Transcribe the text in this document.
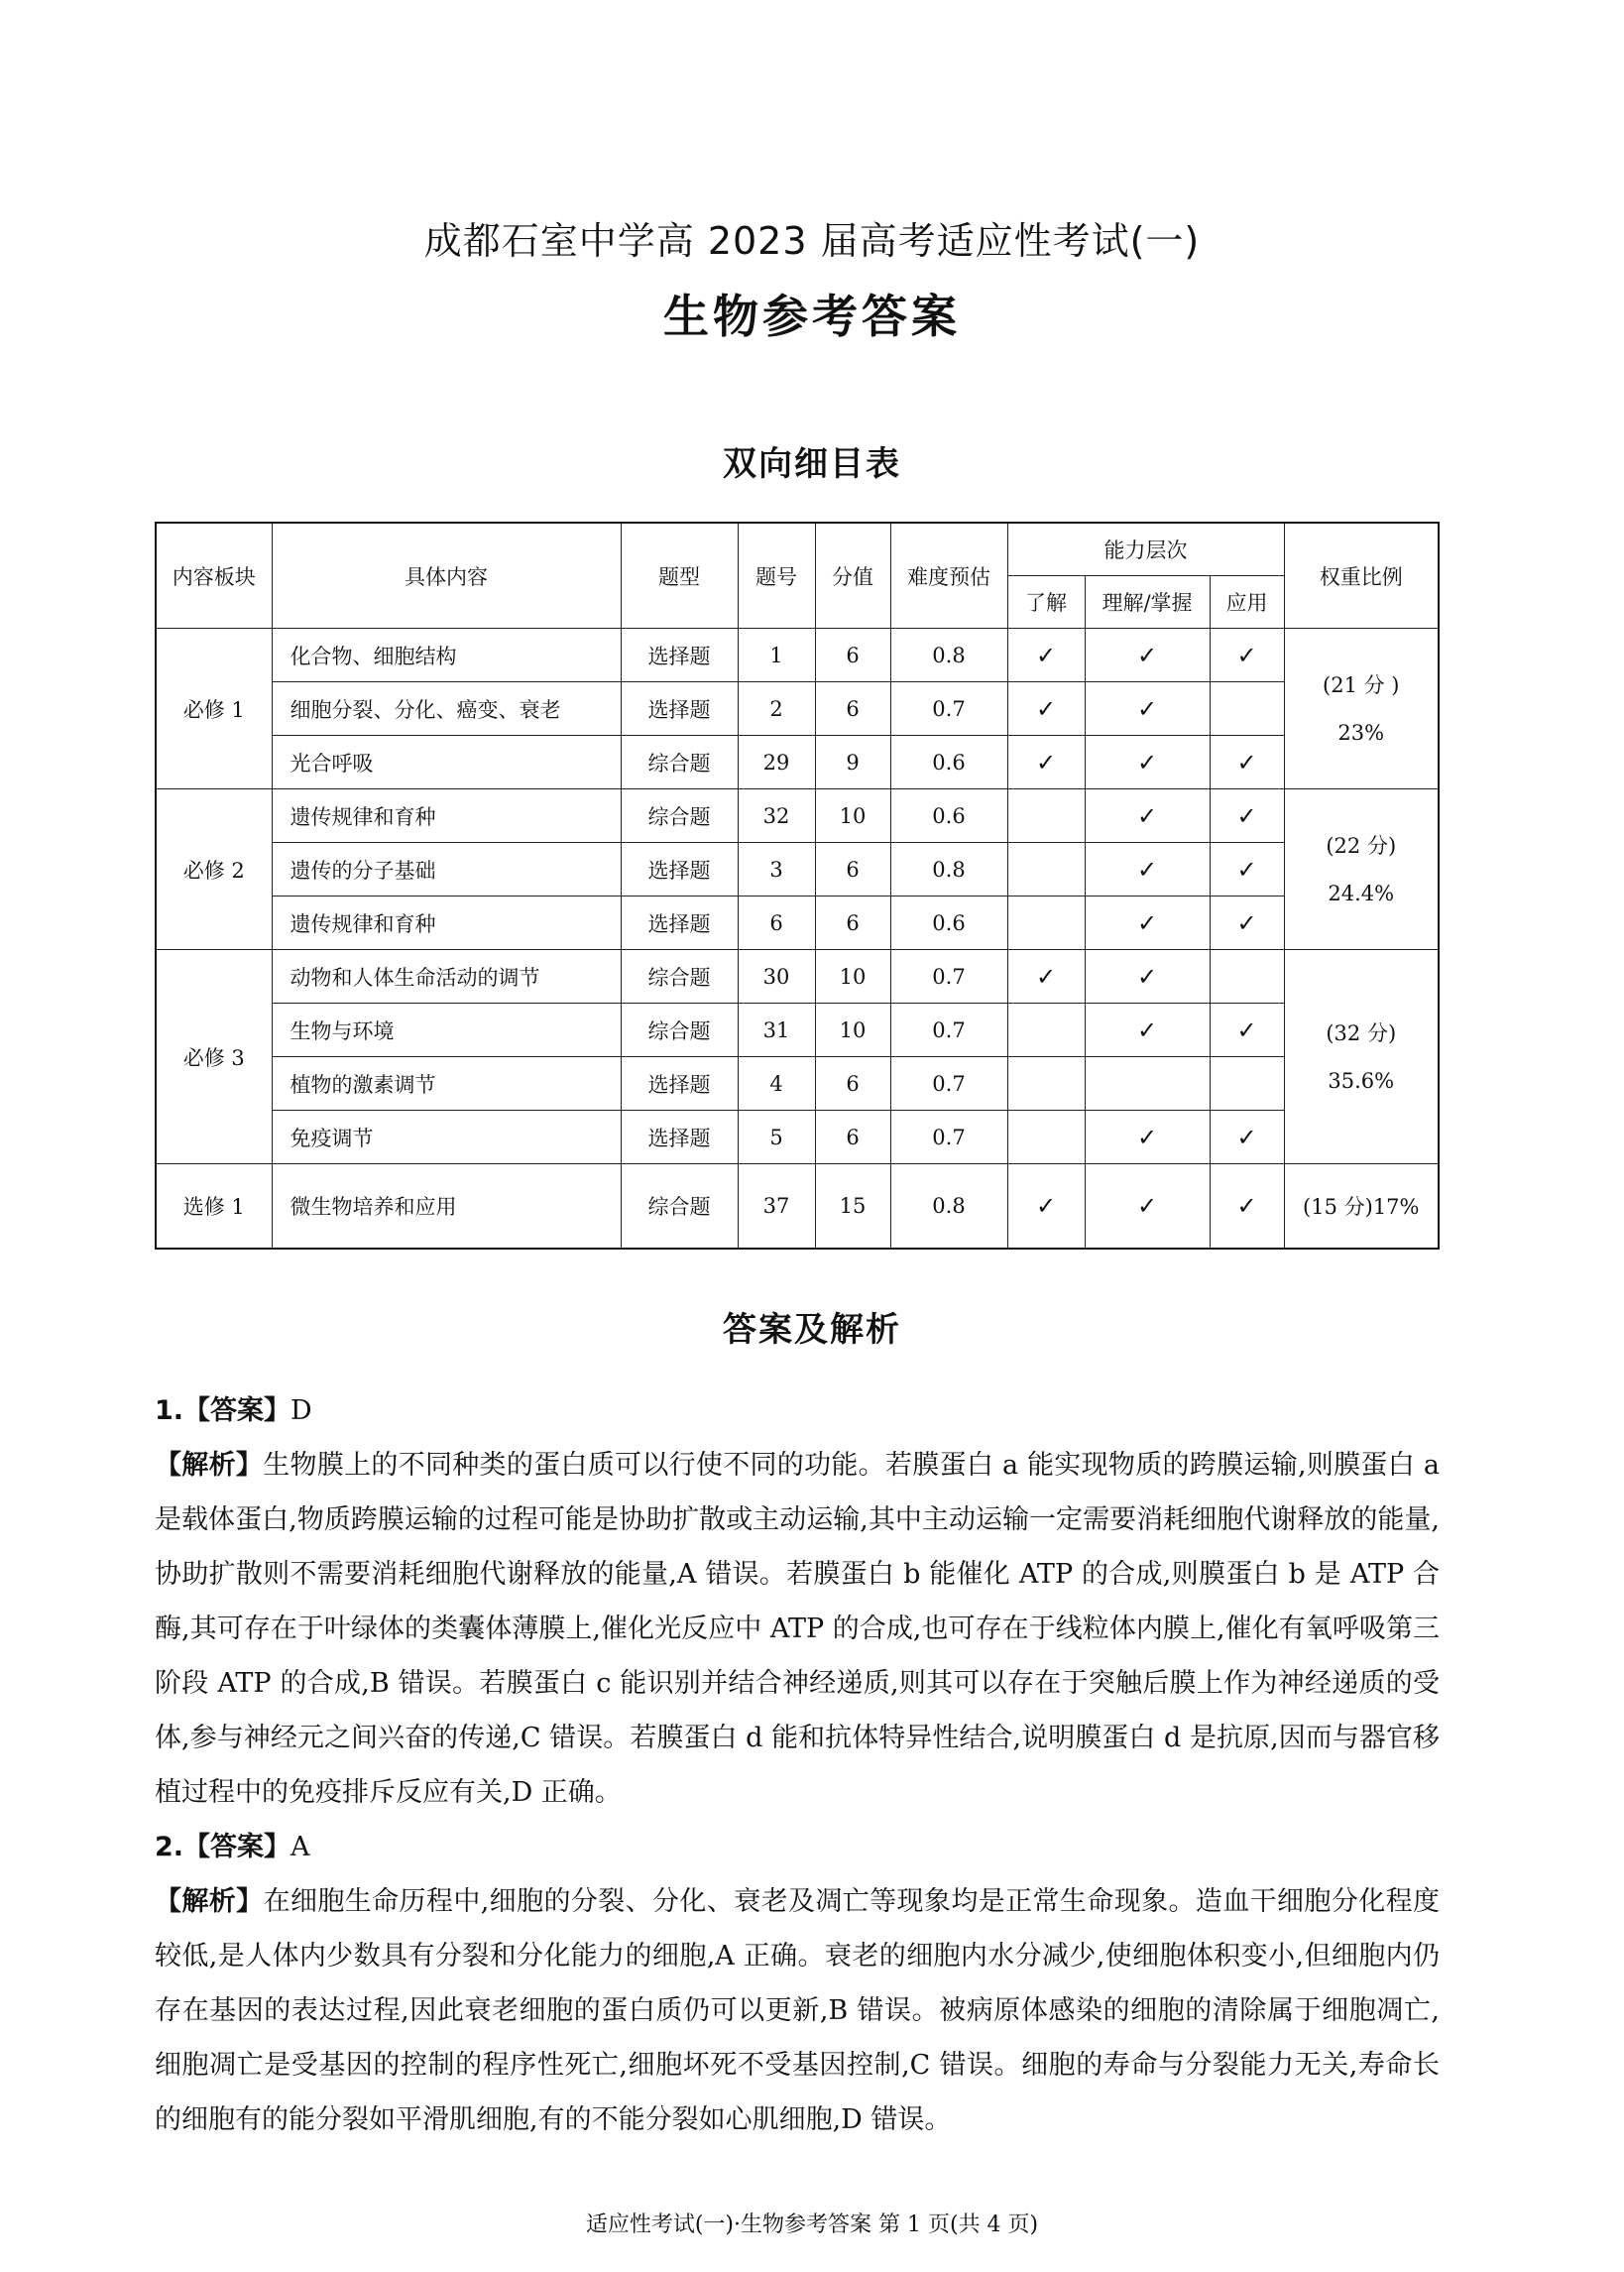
成都石室中学高 2023 届高考适应性考试(一)
生物参考答案
双向细目表
内容板块	具体内容	题型	题号	分值	难度预估	能力层次			权重比例
						了解	理解/掌握	应用	
必修 1	化合物、细胞结构	选择题	1	6	0.8	✓	✓	✓	(21 分 )
23%

	细胞分裂、分化、癌变、衰老	选择题	2	6	0.7	✓	✓		
	光合呼吸	综合题	29	9	0.6	✓	✓	✓	
必修 2	遗传规律和育种	综合题	32	10	0.6		✓	✓	(22 分)
24.4%

	遗传的分子基础	选择题	3	6	0.8		✓	✓	
	遗传规律和育种	选择题	6	6	0.6		✓	✓	
必修 3	动物和人体生命活动的调节	综合题	30	10	0.7	✓	✓		(32 分)
35.6%

	生物与环境	综合题	31	10	0.7		✓	✓	
	植物的激素调节	选择题	4	6	0.7				
	免疫调节	选择题	5	6	0.7		✓	✓	
选修 1	微生物培养和应用	综合题	37	15	0.8	✓	✓	✓	(15 分)17%
答案及解析
1.【答案】D

【解析】生物膜上的不同种类的蛋白质可以行使不同的功能。若膜蛋白 a 能实现物质的跨膜运输,则膜蛋白 a 是载体蛋白,物质跨膜运输的过程可能是协助扩散或主动运输,其中主动运输一定需要消耗细胞代谢释放的能量,协助扩散则不需要消耗细胞代谢释放的能量,A 错误。若膜蛋白 b 能催化 ATP 的合成,则膜蛋白 b 是 ATP 合酶,其可存在于叶绿体的类囊体薄膜上,催化光反应中 ATP 的合成,也可存在于线粒体内膜上,催化有氧呼吸第三阶段 ATP 的合成,B 错误。若膜蛋白 c 能识别并结合神经递质,则其可以存在于突触后膜上作为神经递质的受体,参与神经元之间兴奋的传递,C 错误。若膜蛋白 d 能和抗体特异性结合,说明膜蛋白 d 是抗原,因而与器官移植过程中的免疫排斥反应有关,D 正确。

2.【答案】A

【解析】在细胞生命历程中,细胞的分裂、分化、衰老及凋亡等现象均是正常生命现象。造血干细胞分化程度较低,是人体内少数具有分裂和分化能力的细胞,A 正确。衰老的细胞内水分减少,使细胞体积变小,但细胞内仍存在基因的表达过程,因此衰老细胞的蛋白质仍可以更新,B 错误。被病原体感染的细胞的清除属于细胞凋亡,细胞凋亡是受基因的控制的程序性死亡,细胞坏死不受基因控制,C 错误。细胞的寿命与分裂能力无关,寿命长的细胞有的能分裂如平滑肌细胞,有的不能分裂如心肌细胞,D 错误。

适应性考试(一)·生物参考答案 第 1 页(共 4 页)
